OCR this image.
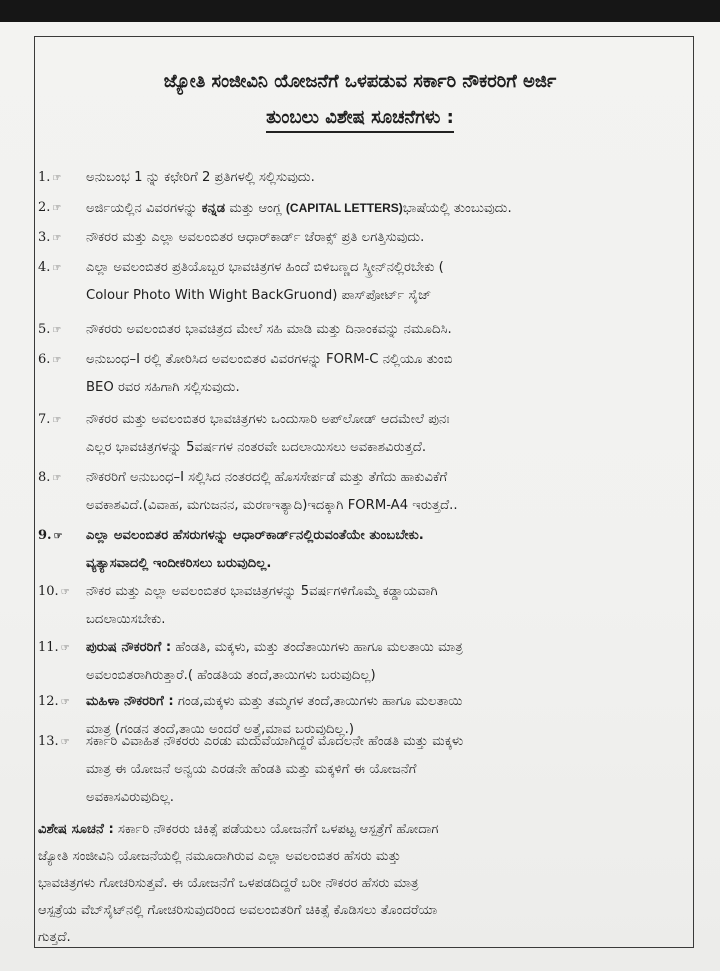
ಜ್ಯೋತಿ ಸಂಜೀವಿನಿ ಯೋಜನೆಗೆ ಒಳಪಡುವ ಸರ್ಕಾರಿ ನೌಕರರಿಗೆ ಅರ್ಜಿ
ತುಂಬಲು ವಿಶೇಷ ಸೂಚನೆಗಳು :
1. ☞	ಅನುಬಂಭ 1 ನ್ನು ಕಛೇರಿಗೆ 2 ಪ್ರತಿಗಳಲ್ಲಿ ಸಲ್ಲಿಸುವುದು.
2. ☞	ಅರ್ಜಿಯಲ್ಲಿನ ವಿವರಗಳನ್ನು ಕನ್ನಡ ಮತ್ತು ಆಂಗ್ಲ (CAPITAL LETTERS)ಭಾಷೆಯಲ್ಲಿ ತುಂಬುವುದು.
3. ☞	ನೌಕರರ ಮತ್ತು ಎಲ್ಲಾ ಅವಲಂಬಿತರ ಆಧಾರ್‌ಕಾರ್ಡ್ ಜೆರಾಕ್ಸ್ ಪ್ರತಿ ಲಗತ್ತಿಸುವುದು.
4. ☞	ಎಲ್ಲಾ ಅವಲಂಬಿತರ ಪ್ರತಿಯೊಬ್ಬರ ಭಾವಚಿತ್ರಗಳ ಹಿಂದೆ ಬಿಳಿಬಣ್ಣದ ಸ್ಕ್ರೀನ್‌ನಲ್ಲಿರಬೇಕು (
Colour Photo With Wight BackGruond) ಪಾಸ್‌ಪೋರ್ಟ್ ಸೈಜ್
5. ☞	ನೌಕರರು ಅವಲಂಬಿತರ ಭಾವಚಿತ್ರದ ಮೇಲೆ ಸಹಿ ಮಾಡಿ ಮತ್ತು ದಿನಾಂಕವನ್ನು ನಮೂದಿಸಿ.
6. ☞	ಅನುಬಂಧ–I ರಲ್ಲಿ ತೋರಿಸಿದ ಅವಲಂಬಿತರ ವಿವರಗಳನ್ನು FORM-C ನಲ್ಲಿಯೂ ತುಂಬಿ
BEO ರವರ ಸಹಿಗಾಗಿ ಸಲ್ಲಿಸುವುದು.
7. ☞	ನೌಕರರ ಮತ್ತು ಅವಲಂಬಿತರ ಭಾವಚಿತ್ರಗಳು ಒಂದುಸಾರಿ ಅಪ್‌ಲೋಡ್ ಆದಮೇಲೆ ಪುನಃ
ಎಲ್ಲರ ಭಾವಚಿತ್ರಗಳನ್ನು 5ವರ್ಷಗಳ ನಂತರವೇ ಬದಲಾಯಿಸಲು ಅವಕಾಶವಿರುತ್ತದೆ.
8. ☞	ನೌಕರರಿಗೆ ಅನುಬಂಧ–I ಸಲ್ಲಿಸಿದ ನಂತರದಲ್ಲಿ ಹೊಸಸೇರ್ಪಡೆ ಮತ್ತು ತೆಗೆದು ಹಾಕುವಿಕೆಗೆ
ಅವಕಾಶವಿದೆ.(ವಿವಾಹ, ಮಗುಜನನ, ಮರಣಇತ್ಯಾದಿ)ಇದಕ್ಕಾಗಿ FORM-A4 ಇರುತ್ತದೆ..
9. ☞	ಎಲ್ಲಾ ಅವಲಂಬಿತರ ಹೆಸರುಗಳನ್ನು ಆಧಾರ್‌ಕಾರ್ಡ್‌ನಲ್ಲಿರುವಂತೆಯೇ ತುಂಬಬೇಕು.
ವ್ಯತ್ಯಾಸವಾದಲ್ಲಿ ಇಂದೀಕರಿಸಲು ಬರುವುದಿಲ್ಲ.
10. ☞	ನೌಕರ ಮತ್ತು ಎಲ್ಲಾ ಅವಲಂಬಿತರ ಭಾವಚಿತ್ರಗಳನ್ನು 5ವರ್ಷಗಳಿಗೊಮ್ಮೆ ಕಡ್ಡಾಯವಾಗಿ
ಬದಲಾಯಿಸಬೇಕು.
11. ☞	ಪುರುಷ ನೌಕರರಿಗೆ : ಹೆಂಡತಿ, ಮಕ್ಕಳು, ಮತ್ತು ತಂದೆತಾಯಿಗಳು ಹಾಗೂ ಮಲತಾಯಿ ಮಾತ್ರ
ಅವಲಂಬಿತರಾಗಿರುತ್ತಾರೆ.( ಹೆಂಡತಿಯ ತಂದೆ,ತಾಯಿಗಳು ಬರುವುದಿಲ್ಲ)
12. ☞	ಮಹಿಳಾ ನೌಕರರಿಗೆ : ಗಂಡ,ಮಕ್ಕಳು ಮತ್ತು ತಮ್ಮಗಳ ತಂದೆ,ತಾಯಿಗಳು ಹಾಗೂ ಮಲತಾಯಿ
ಮಾತ್ರ (ಗಂಡನ ತಂದೆ,ತಾಯಿ ಅಂದರೆ ಅತ್ತೆ,ಮಾವ ಬರುವುದಿಲ್ಲ.)
13. ☞	ಸರ್ಕಾರಿ ವಿವಾಹಿತ ನೌಕರರು ಎರಡು ಮದುವೆಯಾಗಿದ್ದರೆ ಮೊದಲನೇ ಹೆಂಡತಿ ಮತ್ತು ಮಕ್ಕಳು
ಮಾತ್ರ ಈ ಯೋಜನೆ ಅನ್ವಯ ಎರಡನೇ ಹೆಂಡತಿ ಮತ್ತು ಮಕ್ಕಳಿಗೆ ಈ ಯೋಜನೆಗೆ
ಅವಕಾಸವಿರುವುದಿಲ್ಲ.
ವಿಶೇಷ ಸೂಚನೆ : ಸರ್ಕಾರಿ ನೌಕರರು ಚಿಕಿತ್ಸೆ ಪಡೆಯಲು ಯೋಜನೆಗೆ ಒಳಪಟ್ಟ ಆಸ್ಪತ್ರೆಗೆ ಹೋದಾಗ
ಜ್ಯೋತಿ ಸಂಜೀವಿನಿ ಯೋಜನೆಯಲ್ಲಿ ನಮೂದಾಗಿರುವ ಎಲ್ಲಾ ಅವಲಂಬಿತರ ಹೆಸರು ಮತ್ತು
ಭಾವಚಿತ್ರಗಳು ಗೋಚರಿಸುತ್ತವೆ. ಈ ಯೋಜನೆಗೆ ಒಳಪಡದಿದ್ದರೆ ಬರೀ ನೌಕರರ ಹೆಸರು ಮಾತ್ರ
ಆಸ್ಪತ್ರೆಯ ವೆಬ್‌ಸೈಟ್‌ನಲ್ಲಿ ಗೋಚರಿಸುವುದರಿಂದ ಅವಲಂಬಿತರಿಗೆ ಚಿಕಿತ್ಸೆ ಕೊಡಿಸಲು ತೊಂದರೆಯಾ
ಗುತ್ತದೆ.
